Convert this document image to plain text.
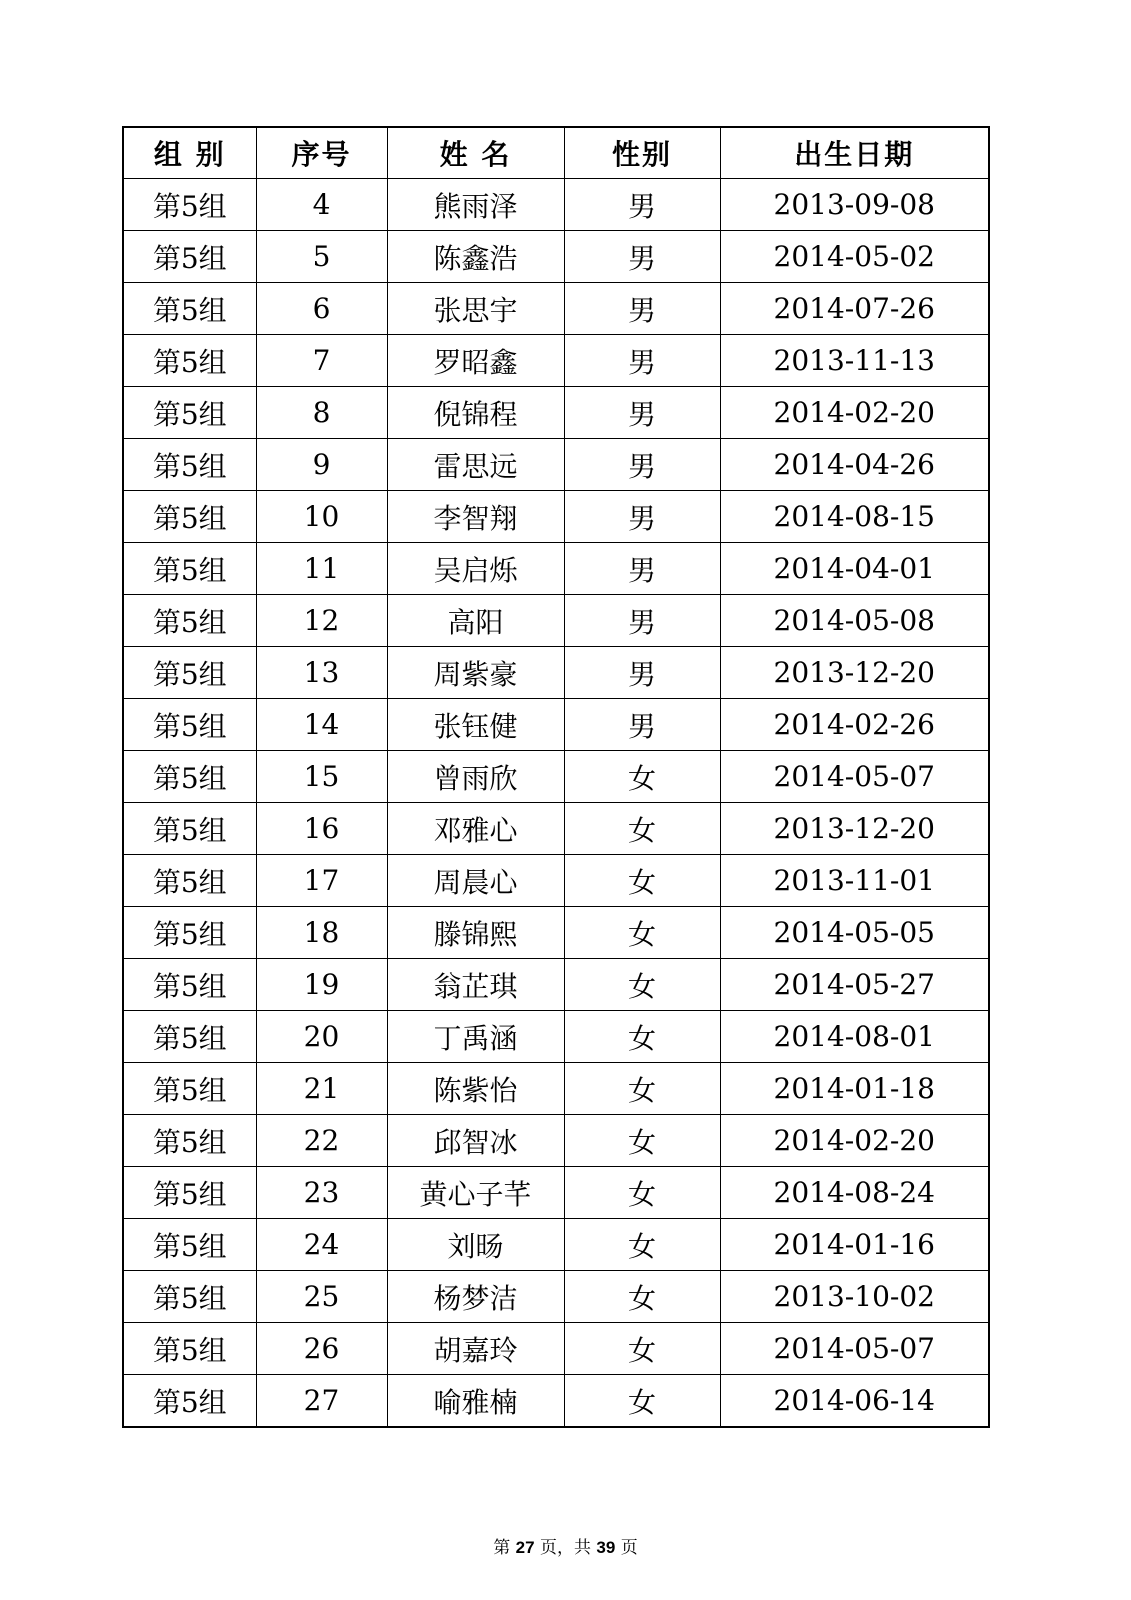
组 别	序号	姓 名	性别	出生日期
第5组	4	熊雨泽	男	2013-09-08
第5组	5	陈鑫浩	男	2014-05-02
第5组	6	张思宇	男	2014-07-26
第5组	7	罗昭鑫	男	2013-11-13
第5组	8	倪锦程	男	2014-02-20
第5组	9	雷思远	男	2014-04-26
第5组	10	李智翔	男	2014-08-15
第5组	11	吴启烁	男	2014-04-01
第5组	12	高阳	男	2014-05-08
第5组	13	周紫豪	男	2013-12-20
第5组	14	张钰健	男	2014-02-26
第5组	15	曾雨欣	女	2014-05-07
第5组	16	邓雅心	女	2013-12-20
第5组	17	周晨心	女	2013-11-01
第5组	18	滕锦熙	女	2014-05-05
第5组	19	翁芷琪	女	2014-05-27
第5组	20	丁禹涵	女	2014-08-01
第5组	21	陈紫怡	女	2014-01-18
第5组	22	邱智冰	女	2014-02-20
第5组	23	黄心子芊	女	2014-08-24
第5组	24	刘旸	女	2014-01-16
第5组	25	杨梦洁	女	2013-10-02
第5组	26	胡嘉玲	女	2014-05-07
第5组	27	喻雅楠	女	2014-06-14
第 27 页，共 39 页
